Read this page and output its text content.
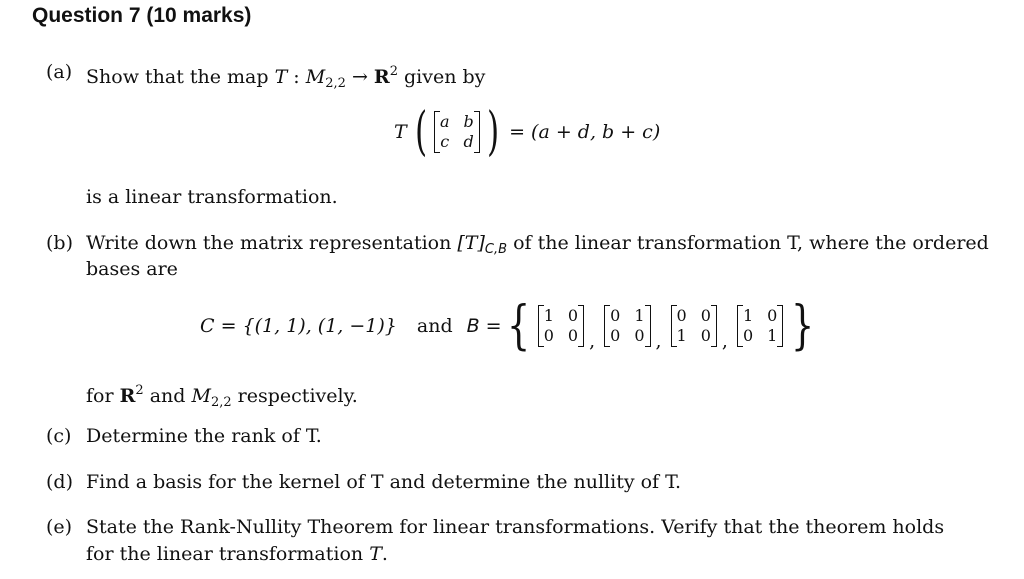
Question 7 (10 marks)
(a) Show that the map T : $M_{2,2} \to R^2$ given by
T ( a b
c d ) = (a + d, b + c)
is a linear transformation.
(b) Write down the matrix representation $[T]_{C,B}$ of the linear transformation T, where the ordered
bases are
C = {(1, 1), (1, −1)} and B = { 1 0
0 0 ,
0 1
0 0 ,
0 0
1 0 ,
1 0
0 1 }
for $R^2$ and $M_{2,2}$ respectively.
(c) Determine the rank of T.
(d) Find a basis for the kernel of T and determine the nullity of T.
(e) State the Rank-Nullity Theorem for linear transformations. Verify that the theorem holds
for the linear transformation T.
